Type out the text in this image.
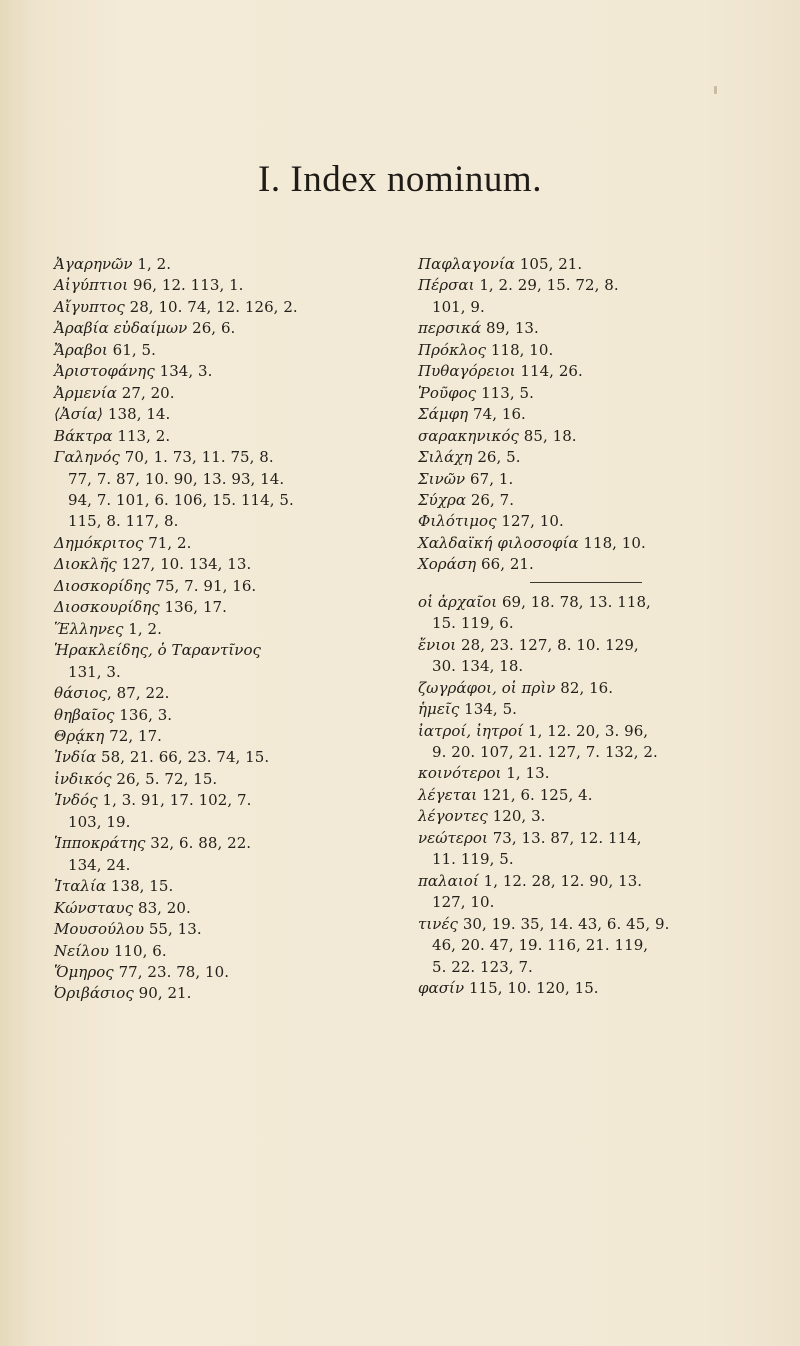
I. Index nominum.
Ἀγαρηνῶν 1, 2.
Αἰγύπτιοι 96, 12. 113, 1.
Αἴγυπτος 28, 10. 74, 12. 126, 2.
Ἀραβία εὐδαίμων 26, 6.
Ἄραβοι 61, 5.
Ἀριστοφάνης 134, 3.
Ἀρμενία 27, 20.
⟨Ἀσία⟩ 138, 14.
Βάκτρα 113, 2.
Γαληνός 70, 1. 73, 11. 75, 8.
77, 7. 87, 10. 90, 13. 93, 14.
94, 7. 101, 6. 106, 15. 114, 5.
115, 8. 117, 8.
Δημόκριτος 71, 2.
Διοκλῆς 127, 10. 134, 13.
Διοσκορίδης 75, 7. 91, 16.
Διοσκουρίδης 136, 17.
Ἕλληνες 1, 2.
Ἡρακλείδης, ὁ Ταραντῖνος
131, 3.
θάσιος, 87, 22.
θηβαῖος 136, 3.
Θρᾴκη 72, 17.
Ἰνδία 58, 21. 66, 23. 74, 15.
ἰνδικός 26, 5. 72, 15.
Ἰνδός 1, 3. 91, 17. 102, 7.
103, 19.
Ἱπποκράτης 32, 6. 88, 22.
134, 24.
Ἰταλία 138, 15.
Κώνσταυς 83, 20.
Μουσούλου 55, 13.
Νείλου 110, 6.
Ὅμηρος 77, 23. 78, 10.
Ὀριβάσιος 90, 21.
Παφλαγονία 105, 21.
Πέρσαι 1, 2. 29, 15. 72, 8.
101, 9.
περσικά 89, 13.
Πρόκλος 118, 10.
Πυθαγόρειοι 114, 26.
Ῥοῦφος 113, 5.
Σάμφη 74, 16.
σαρακηνικός 85, 18.
Σιλάχη 26, 5.
Σινῶν 67, 1.
Σύχρα 26, 7.
Φιλότιμος 127, 10.
Χαλδαϊκή φιλοσοφία 118, 10.
Χοράση 66, 21.
οἱ ἀρχαῖοι 69, 18. 78, 13. 118,
15. 119, 6.
ἔνιοι 28, 23. 127, 8. 10. 129,
30. 134, 18.
ζωγράφοι, οἱ πρὶν 82, 16.
ἡμεῖς 134, 5.
ἰατροί, ἰητροί 1, 12. 20, 3. 96,
9. 20. 107, 21. 127, 7. 132, 2.
κοινότεροι 1, 13.
λέγεται 121, 6. 125, 4.
λέγοντες 120, 3.
νεώτεροι 73, 13. 87, 12. 114,
11. 119, 5.
παλαιοί 1, 12. 28, 12. 90, 13.
127, 10.
τινές 30, 19. 35, 14. 43, 6. 45, 9.
46, 20. 47, 19. 116, 21. 119,
5. 22. 123, 7.
φασίν 115, 10. 120, 15.
